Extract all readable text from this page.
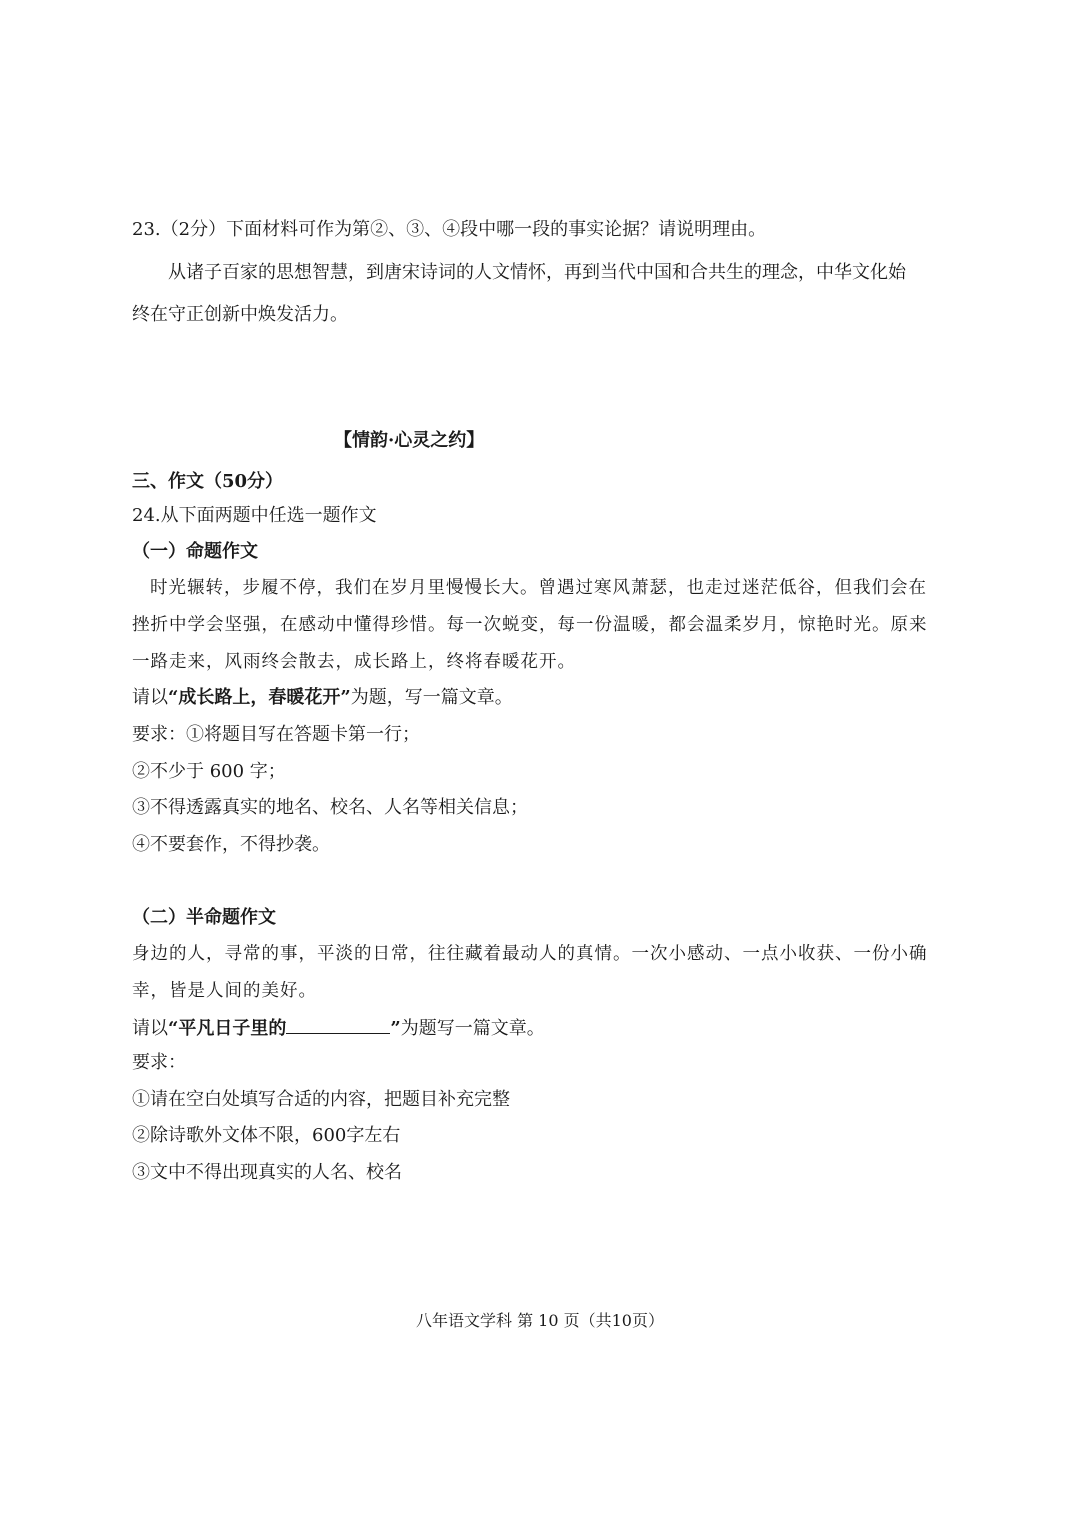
23.（2分）下面材料可作为第②、③、④段中哪一段的事实论据？请说明理由。
从诸子百家的思想智慧，到唐宋诗词的人文情怀，再到当代中国和合共生的理念，中华文化始
终在守正创新中焕发活力。
【情韵·心灵之约】
三、作文（50分）
24.从下面两题中任选一题作文
（一）命题作文
时光辗转，步履不停，我们在岁月里慢慢长大。曾遇过寒风萧瑟，也走过迷茫低谷，但我们会在
挫折中学会坚强，在感动中懂得珍惜。每一次蜕变，每一份温暖，都会温柔岁月，惊艳时光。原来
一路走来，风雨终会散去，成长路上，终将春暖花开。
请以“成长路上，春暖花开”为题，写一篇文章。
要求：①将题目写在答题卡第一行；
②不少于 600 字；
③不得透露真实的地名、校名、人名等相关信息；
④不要套作，不得抄袭。
（二）半命题作文
身边的人，寻常的事，平淡的日常，往往藏着最动人的真情。一次小感动、一点小收获、一份小确
幸，皆是人间的美好。
请以“平凡日子里的	”为题写一篇文章。
要求：
①请在空白处填写合适的内容，把题目补充完整
②除诗歌外文体不限，600字左右
③文中不得出现真实的人名、校名
八年语文学科 第 10 页（共10页）
